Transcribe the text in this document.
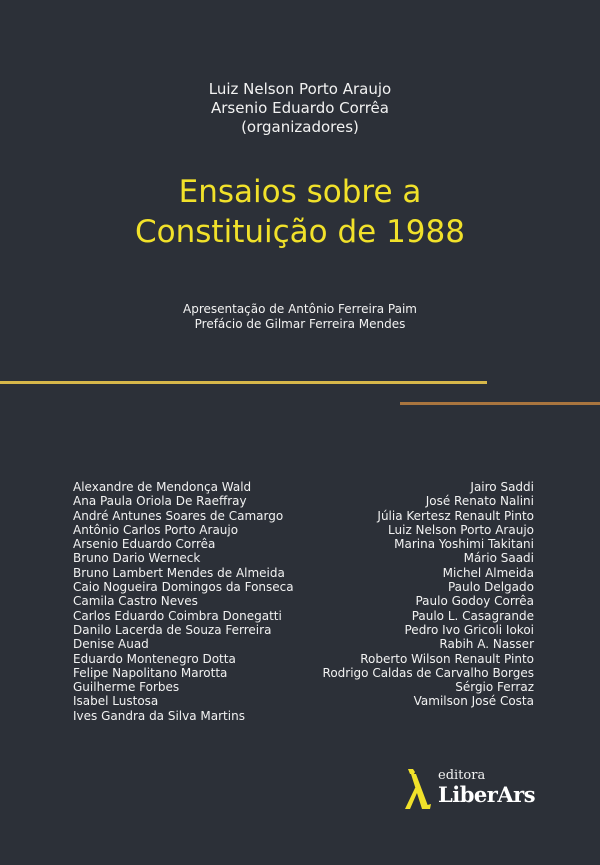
Luiz Nelson Porto Araujo
Arsenio Eduardo Corrêa
(organizadores)
Ensaios sobre a
Constituição de 1988
Apresentação de Antônio Ferreira Paim
Prefácio de Gilmar Ferreira Mendes
Alexandre de Mendonça Wald
Ana Paula Oriola De Raeffray
André Antunes Soares de Camargo
Antônio Carlos Porto Araujo
Arsenio Eduardo Corrêa
Bruno Dario Werneck
Bruno Lambert Mendes de Almeida
Caio Nogueira Domingos da Fonseca
Camila Castro Neves
Carlos Eduardo Coimbra Donegatti
Danilo Lacerda de Souza Ferreira
Denise Auad
Eduardo Montenegro Dotta
Felipe Napolitano Marotta
Guilherme Forbes
Isabel Lustosa
Ives Gandra da Silva Martins
Jairo Saddi
José Renato Nalini
Júlia Kertesz Renault Pinto
Luiz Nelson Porto Araujo
Marina Yoshimi Takitani
Mário Saadi
Michel Almeida
Paulo Delgado
Paulo Godoy Corrêa
Paulo L. Casagrande
Pedro Ivo Gricoli Iokoi
Rabih A. Nasser
Roberto Wilson Renault Pinto
Rodrigo Caldas de Carvalho Borges
Sérgio Ferraz
Vamilson José Costa
editora
LiberArs
